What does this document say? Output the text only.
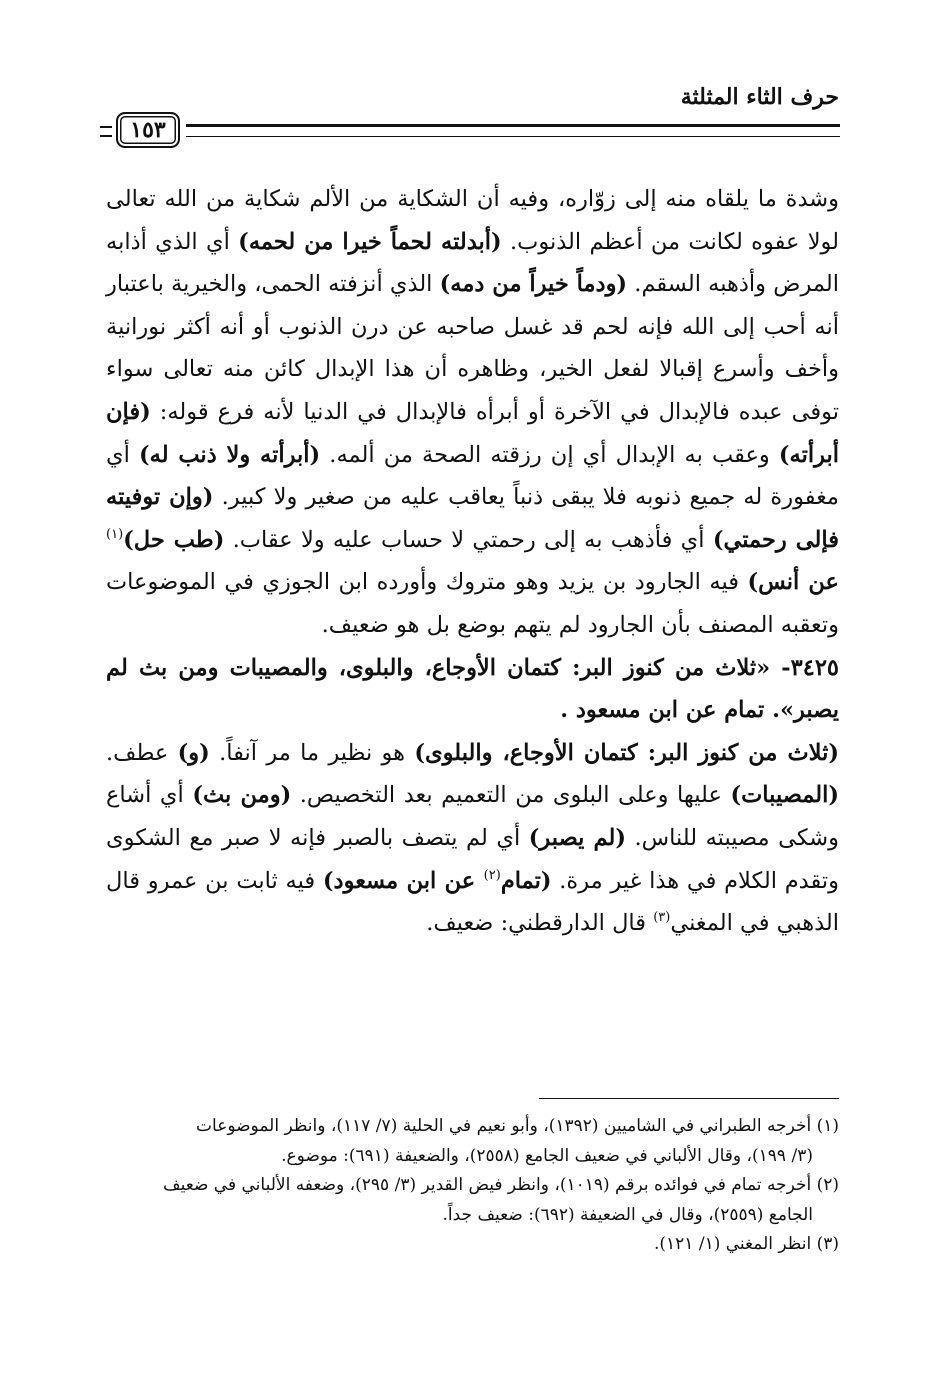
حرف الثاء المثلثة
١٥٣

وشدة ما يلقاه منه إلى زوّاره، وفيه أن الشكاية من الألم شكاية من الله تعالى لولا عفوه لكانت من أعظم الذنوب. (أبدلته لحماً خيرا من لحمه) أي الذي أذابه المرض وأذهبه السقم. (ودماً خيراً من دمه) الذي أنزفته الحمى، والخيرية باعتبار أنه أحب إلى الله فإنه لحم قد غسل صاحبه عن درن الذنوب أو أنه أكثر نورانية وأخف وأسرع إقبالا لفعل الخير، وظاهره أن هذا الإبدال كائن منه تعالى سواء توفى عبده فالإبدال في الآخرة أو أبرأه فالإبدال في الدنيا لأنه فرع قوله: (فإن أبرأته) وعقب به الإبدال أي إن رزقته الصحة من ألمه. (أبرأته ولا ذنب له) أي مغفورة له جميع ذنوبه فلا يبقى ذنباً يعاقب عليه من صغير ولا كبير. (وإن توفيته فإلى رحمتي) أي فأذهب به إلى رحمتي لا حساب عليه ولا عقاب. (طب حل)$^{(١)}$ عن أنس) فيه الجارود بن يزيد وهو متروك وأورده ابن الجوزي في الموضوعات وتعقبه المصنف بأن الجارود لم يتهم بوضع بل هو ضعيف.

٣٤٢٥- «ثلاث من كنوز البر: كتمان الأوجاع، والبلوى، والمصيبات ومن بث لم يصبر». تمام عن ابن مسعود .

(ثلاث من كنوز البر: كتمان الأوجاع، والبلوى) هو نظير ما مر آنفاً. (و) عطف. (المصيبات) عليها وعلى البلوى من التعميم بعد التخصيص. (ومن بث) أي أشاع وشكى مصيبته للناس. (لم يصبر) أي لم يتصف بالصبر فإنه لا صبر مع الشكوى وتقدم الكلام في هذا غير مرة. (تمام$^{(٢)}$ عن ابن مسعود) فيه ثابت بن عمرو قال الذهبي في المغني$^{(٣)}$ قال الدارقطني: ضعيف.

(١) أخرجه الطبراني في الشاميين (١٣٩٢)، وأبو نعيم في الحلية (٧/ ١١٧)، وانظر الموضوعات

(٣/ ١٩٩)، وقال الألباني في ضعيف الجامع (٢٥٥٨)، والضعيفة (٦٩١): موضوع.

(٢) أخرجه تمام في فوائده برقم (١٠١٩)، وانظر فيض القدير (٣/ ٢٩٥)، وضعفه الألباني في ضعيف

الجامع (٢٥٥٩)، وقال في الضعيفة (٦٩٢): ضعيف جداً.

(٣) انظر المغني (١/ ١٢١).
